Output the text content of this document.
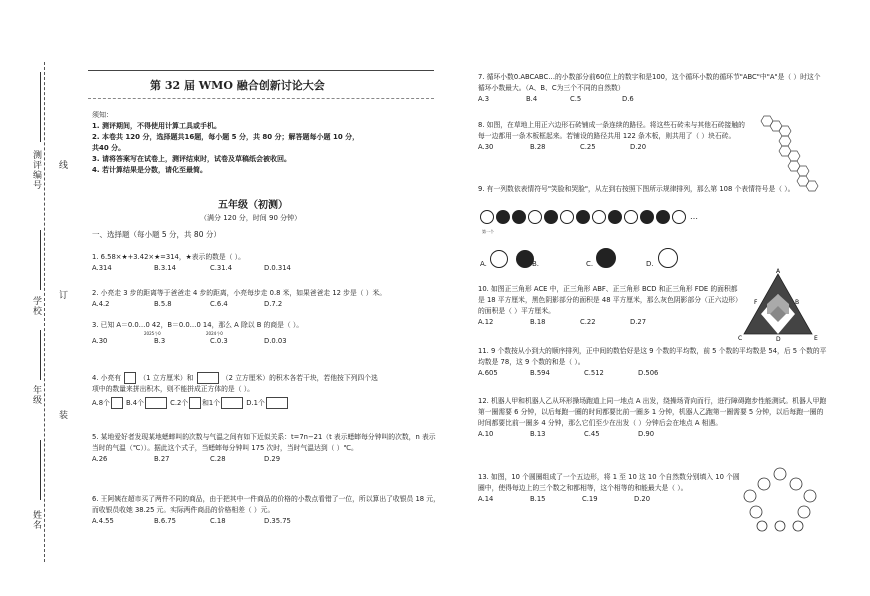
测评编号 线
学校
订
年级
装
姓名
第 32 届 WMO 融合创新讨论大会

须知：

1. 测评期间，不得使用计算工具或手机。

2. 本卷共 120 分，选择题共16题，每小题 5 分，共 80 分；解答题每小题 10 分，

共40 分。

3. 请将答案写在试卷上，测评结束时，试卷及草稿纸会被收回。

4. 若计算结果是分数，请化至最简。

五年级（初测）
（满分 120 分，时间 90 分钟）
一、选择题（每小题 5 分，共 80 分）
1. 6.58×★+3.42×★=314，★表示的数是（ ）。
A.314	B.3.14	C.31.4	D.0.314
2. 小亮走 3 步的距离等于爸爸走 4 步的距离，小亮每步走 0.8 米，如果爸爸走 12 步是（ ）米。
A.4.2	B.5.8	C.6.4	D.7.2
3. 已知 A＝0.0…0 42，B＝0.0…0 14，那么 A 除以 B 的商是（ ）。
2025个0	2024个0
A.30	B.3	C.0.3	D.0.03
4. 小亮有	（1 立方厘米）和	（2 立方厘米）的积木各若干块，若他按下列四个选
项中的数量来拼出积木，则不能拼成正方体的是（ ）。
A.8个 B.4个	C.2个 和1个	D.1个
5. 某地爱好者发现某地蟋蟀叫的次数与气温之间有如下近似关系：t=7n−21（t 表示蟋蟀每分钟叫的次数，n 表示当时的气温（℃））。据此这个式子，当蟋蟀每分钟叫 175 次时，当时气温达到（ ）℃。
A.26	B.27	C.28	D.29
6. 王阿姨在超市买了两件不同的商品，由于把其中一件商品的价格的小数点看错了一位，所以算出了收银员 18 元，而收银员收她 38.25 元。实际两件商品的价格相差（ ）元。
A.4.55	B.6.75	C.18	D.35.75
7. 循环小数0.ABCABC…的小数部分前60位上的数字和是100，这个循环小数的循环节"ABC"中"A"是（ ）时这个循环小数最大。（A、B、C为三个不同的自然数）
A.3	B.4	C.5	D.6
8. 如图，在草地上用正六边形石砖铺成一条连续的路径。将这些石砖未与其他石砖接触的每一边都用一条木板框起来。若铺设的路径共用 122 条木板，则共用了（ ）块石砖。
A.30	B.28	C.25	D.20
9. 有一列数依表情符号"笑脸和哭脸"，从左到右按照下图所示规律排列，那么第 108 个表情符号是（ ）。
…
第一个
A.	B.	C.	D.
10. 如图正三角形 ACE 中，正三角形 ABF、正三角形 BCD 和正三角形 FDE 的面积都是 18 平方厘米，黑色阴影部分的面积是 48 平方厘米，那么灰色阴影部分（正六边形）的面积是（ ）平方厘米。
A.12	B.18	C.22	D.27
A
B
C	D	E
F
11. 9 个数按从小到大的顺序排列，正中间的数恰好是这 9 个数的平均数，前 5 个数的平均数是 54，后 5 个数的平均数是 78，这 9 个数的和是（ ）。
A.605	B.594	C.512	D.506
12. 机器人甲和机器人乙从环形操场跑道上同一地点 A 出发，绕操场背向而行，进行障碍跑步性能测试。机器人甲跑第一圈需要 6 分钟，以后每跑一圈的时间都要比前一圈多 1 分钟，机器人乙跑第一圈需要 5 分钟，以后每跑一圈的时间都要比前一圈多 4 分钟，那么它们至少在出发（ ）分钟后会在地点 A 相遇。
A.10	B.13	C.45	D.90
13. 如图，10 个圆圈组成了一个五边形，将 1 至 10 这 10 个自然数分别填入 10 个圆圈中，使得每边上的三个数之和都相等，这个相等的和能最大是（ ）。
A.14	B.15	C.19	D.20
